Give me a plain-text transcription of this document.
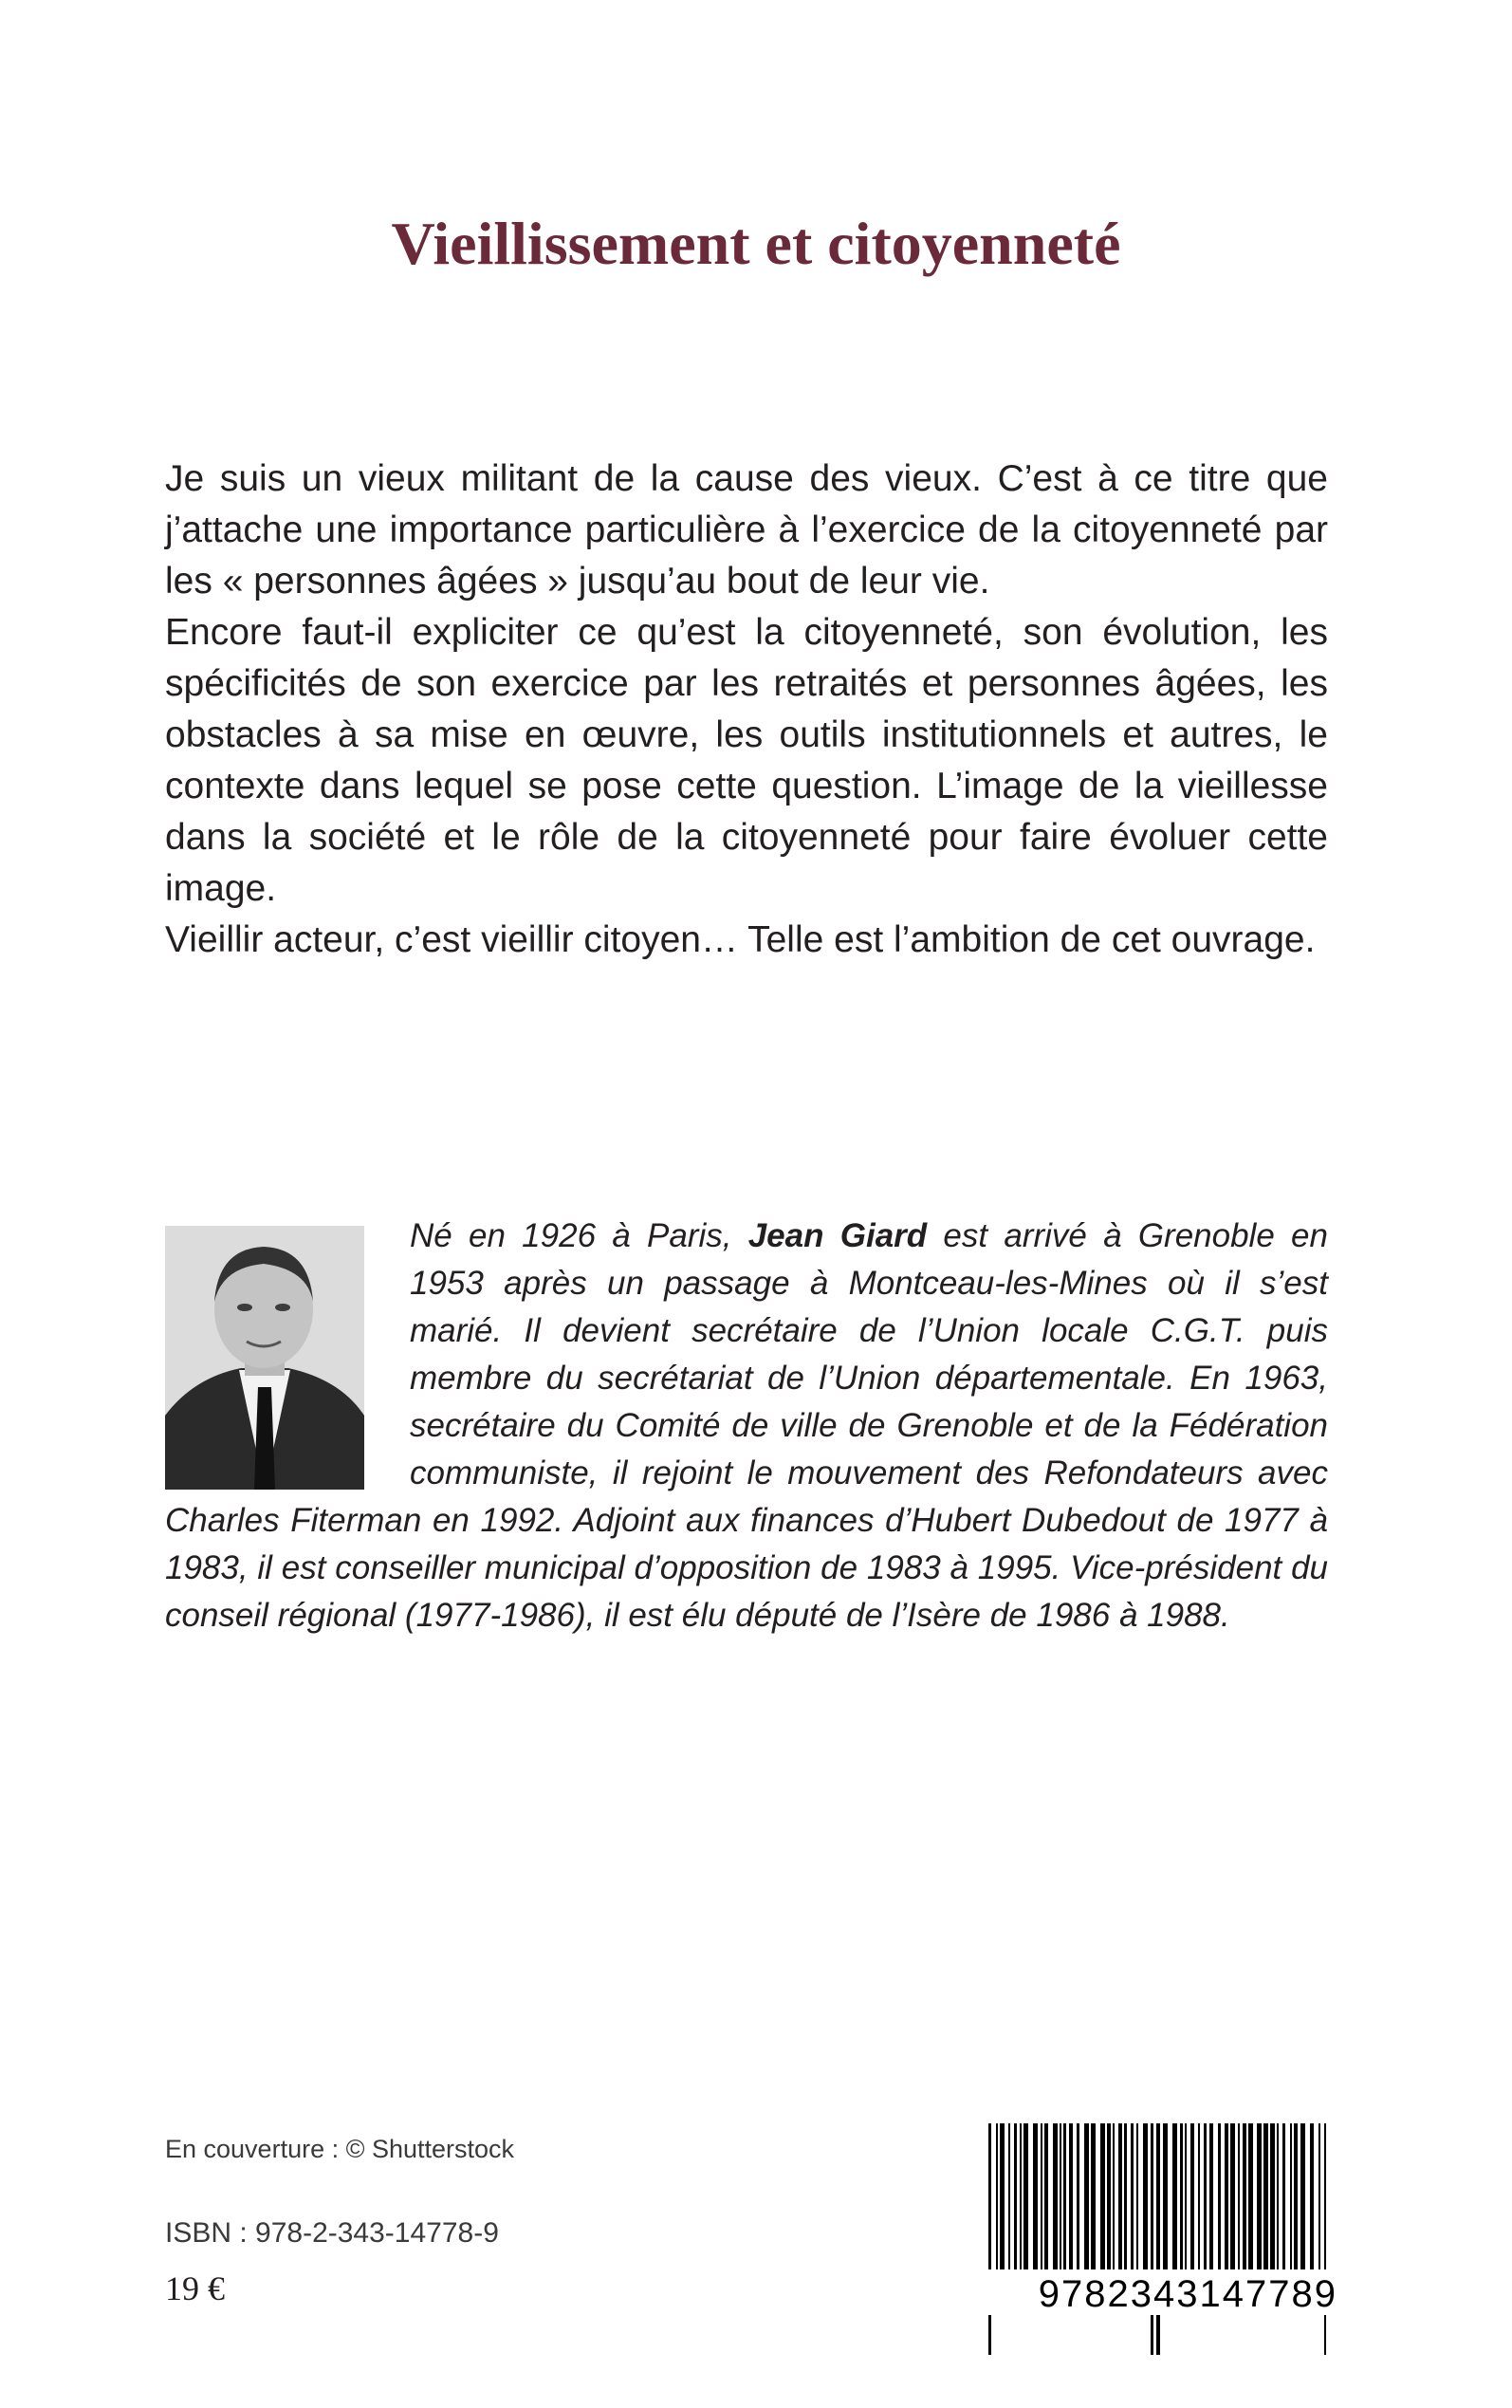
Vieillissement et citoyenneté

Je suis un vieux militant de la cause des vieux. C’est à ce titre que j’attache une importance particulière à l’exercice de la citoyenneté par les « personnes âgées » jusqu’au bout de leur vie.

Encore faut-il expliciter ce qu’est la citoyenneté, son évolution, les spécificités de son exercice par les retraités et personnes âgées, les obstacles à sa mise en œuvre, les outils institutionnels et autres, le contexte dans lequel se pose cette question. L’image de la vieillesse dans la société et le rôle de la citoyenneté pour faire évoluer cette image.

Vieillir acteur, c’est vieillir citoyen… Telle est l’ambition de cet ouvrage.

Né en 1926 à Paris, Jean Giard est arrivé à Grenoble en 1953 après un passage à Montceau-les-Mines où il s’est marié. Il devient secrétaire de l’Union locale C.G.T. puis membre du secrétariat de l’Union départementale. En 1963, secrétaire du Comité de ville de Grenoble et de la Fédération communiste, il rejoint le mouvement des Refondateurs avec Charles Fiterman en 1992. Adjoint aux finances d’Hubert Dubedout de 1977 à 1983, il est conseiller municipal d’opposition de 1983 à 1995. Vice-président du conseil régional (1977-1986), il est élu député de l’Isère de 1986 à 1988.

En couverture : © Shutterstock
ISBN : 978-2-343-14778-9
19 €	9782343147789
